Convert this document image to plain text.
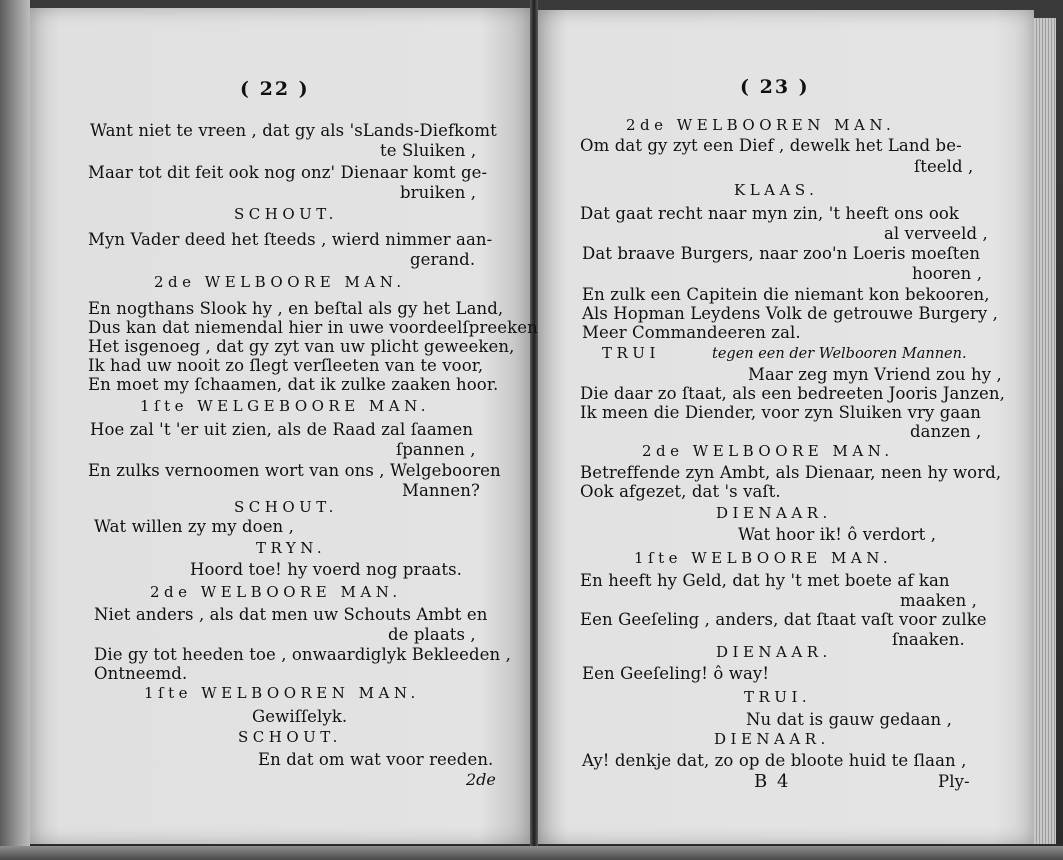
( 22 )
Want niet te vreen , dat gy als 'sLands-Diefkomt
te Sluiken ,
Maar tot dit feit ook nog onz' Dienaar komt ge-
bruiken ,
SCHOUT.
Myn Vader deed het ſteeds , wierd nimmer aan-
gerand.
2de WELBOORE MAN.
En nogthans Slook hy , en beſtal als gy het Land,
Dus kan dat niemendal hier in uwe voordeelſpreeken
Het isgenoeg , dat gy zyt van uw plicht geweeken,
Ik had uw nooit zo ſlegt verſleeten van te voor,
En moet my ſchaamen, dat ik zulke zaaken hoor.
1ſte WELGEBOORE MAN.
Hoe zal 't 'er uit zien, als de Raad zal ſaamen
ſpannen ,
En zulks vernoomen wort van ons , Welgebooren
Mannen?
SCHOUT.
Wat willen zy my doen ,
TRYN.
Hoord toe! hy voerd nog praats.
2de WELBOORE MAN.
Niet anders , als dat men uw Schouts Ambt en
de plaats ,
Die gy tot heeden toe , onwaardiglyk Bekleeden ,
Ontneemd.
1ſte WELBOOREN MAN.
Gewiſſelyk.
SCHOUT.
En dat om wat voor reeden.
2de
( 23 )
2de WELBOOREN MAN.
Om dat gy zyt een Dief , dewelk het Land be-
ſteeld ,
KLAAS.
Dat gaat recht naar myn zin, 't heeft ons ook
al verveeld ,
Dat braave Burgers, naar zoo'n Loeris moeſten
hooren ,
En zulk een Capitein die niemant kon bekooren,
Als Hopman Leydens Volk de getrouwe Burgery ,
Meer Commandeeren zal.
TRUI	tegen een der Welbooren Mannen.
Maar zeg myn Vriend zou hy ,
Die daar zo ſtaat, als een bedreeten Jooris Janzen,
Ik meen die Diender, voor zyn Sluiken vry gaan
danzen ,
2de WELBOORE MAN.
Betreffende zyn Ambt, als Dienaar, neen hy word,
Ook afgezet, dat 's vaſt.
DIENAAR.
Wat hoor ik! ô verdort ,
1ſte WELBOORE MAN.
En heeft hy Geld, dat hy 't met boete af kan
maaken ,
Een Geeſeling , anders, dat ſtaat vaſt voor zulke
ſnaaken.
DIENAAR.
Een Geeſeling! ô way!
TRUI.
Nu dat is gauw gedaan ,
DIENAAR.
Ay! denkje dat, zo op de bloote huid te ſlaan ,
B 4	Ply-
